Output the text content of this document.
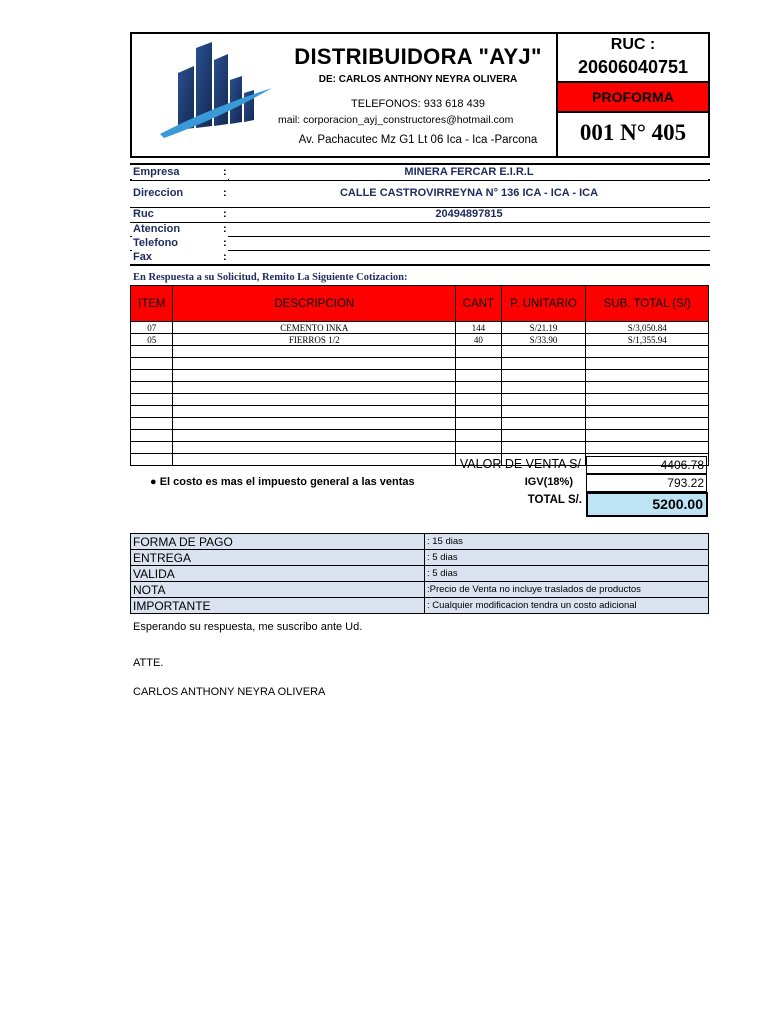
DISTRIBUIDORA "AYJ"
DE: CARLOS ANTHONY NEYRA OLIVERA
TELEFONOS: 933 618 439
mail: corporacion_ayj_constructores@hotmail.com
Av. Pachacutec Mz G1 Lt 06 Ica - Ica -Parcona
RUC :
20606040751
PROFORMA
001 N° 405
Empresa	:	MINERA FERCAR E.I.R.L
Direccion	:	CALLE CASTROVIRREYNA N° 136 ICA - ICA - ICA
Ruc	:	20494897815
Atencion	:
Telefono	:
Fax	:
En Respuesta a su Solicitud, Remito La Siguiente Cotizacion:
ITEM	DESCRIPCION	CANT	P. UNITARIO	SUB. TOTAL (S/)
07	CEMENTO INKA	144	S/21.19	S/3,050.84
05	FIERROS 1/2	40	S/33.90	S/1,355.94

VALOR DE VENTA S/	4406.78
● El costo es mas el impuesto general a las ventas	IGV(18%)	793.22
TOTAL S/.	5200.00
FORMA DE PAGO	: 15 dias
ENTREGA	: 5 dias
VALIDA	: 5 dias
NOTA	:Precio de Venta no incluye traslados de productos
IMPORTANTE	: Cualquier modificacion tendra un costo adicional
Esperando su respuesta, me suscribo ante Ud.
ATTE.
CARLOS ANTHONY NEYRA OLIVERA
